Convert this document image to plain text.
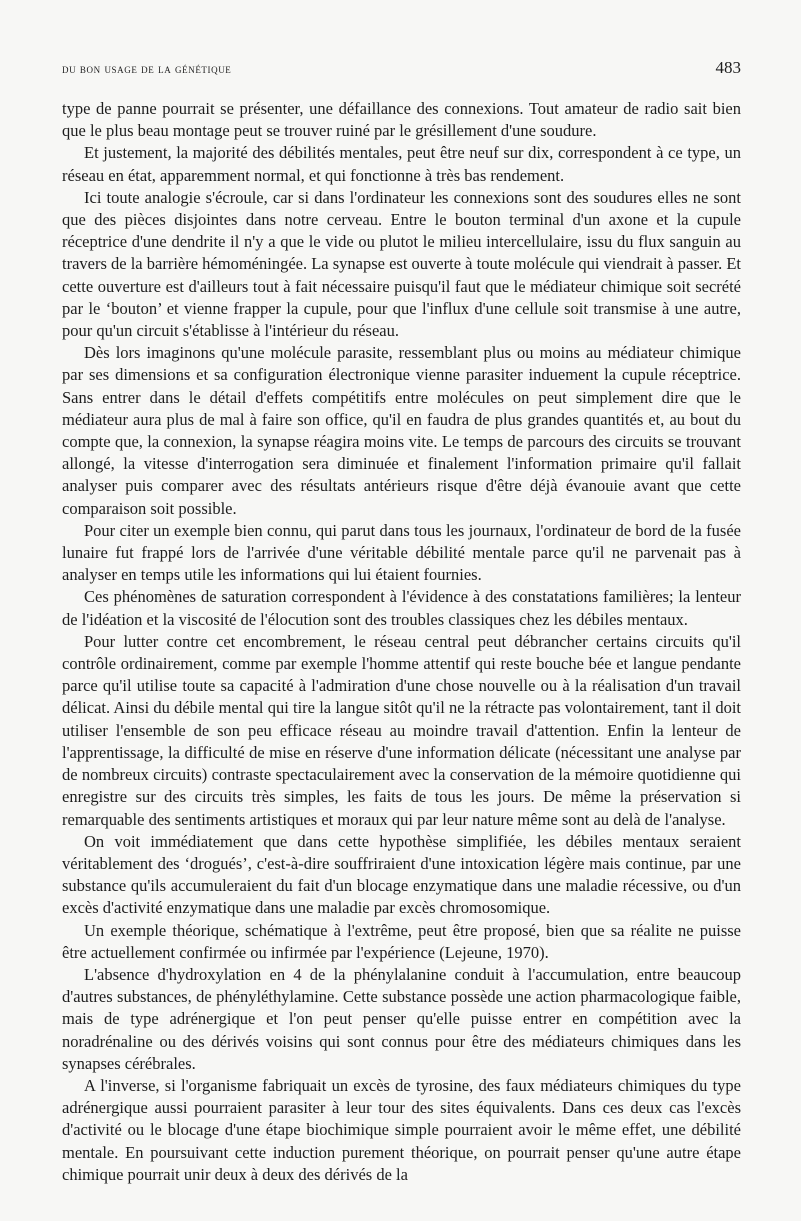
du bon usage de la génétique	483

type de panne pourrait se présenter, une défaillance des connexions. Tout amateur de radio sait bien que le plus beau montage peut se trouver ruiné par le grésillement d'une soudure.

Et justement, la majorité des débilités mentales, peut être neuf sur dix, correspondent à ce type, un réseau en état, apparemment normal, et qui fonctionne à très bas rendement.

Ici toute analogie s'écroule, car si dans l'ordinateur les connexions sont des soudures elles ne sont que des pièces disjointes dans notre cerveau. Entre le bouton terminal d'un axone et la cupule réceptrice d'une dendrite il n'y a que le vide ou plutot le milieu intercellulaire, issu du flux sanguin au travers de la barrière hémoméningée. La synapse est ouverte à toute molécule qui viendrait à passer. Et cette ouverture est d'ailleurs tout à fait nécessaire puisqu'il faut que le médiateur chimique soit secrété par le ‘bouton’ et vienne frapper la cupule, pour que l'influx d'une cellule soit transmise à une autre, pour qu'un circuit s'établisse à l'intérieur du réseau.

Dès lors imaginons qu'une molécule parasite, ressemblant plus ou moins au médiateur chimique par ses dimensions et sa configuration électronique vienne parasiter induement la cupule réceptrice. Sans entrer dans le détail d'effets compétitifs entre molécules on peut simplement dire que le médiateur aura plus de mal à faire son office, qu'il en faudra de plus grandes quantités et, au bout du compte que, la connexion, la synapse réagira moins vite. Le temps de parcours des circuits se trouvant allongé, la vitesse d'interrogation sera diminuée et finalement l'information primaire qu'il fallait analyser puis comparer avec des résultats antérieurs risque d'être déjà évanouie avant que cette comparaison soit possible.

Pour citer un exemple bien connu, qui parut dans tous les journaux, l'ordinateur de bord de la fusée lunaire fut frappé lors de l'arrivée d'une véritable débilité mentale parce qu'il ne parvenait pas à analyser en temps utile les informations qui lui étaient fournies.

Ces phénomènes de saturation correspondent à l'évidence à des constatations familières; la lenteur de l'idéation et la viscosité de l'élocution sont des troubles classiques chez les débiles mentaux.

Pour lutter contre cet encombrement, le réseau central peut débrancher certains circuits qu'il contrôle ordinairement, comme par exemple l'homme attentif qui reste bouche bée et langue pendante parce qu'il utilise toute sa capacité à l'admiration d'une chose nouvelle ou à la réalisation d'un travail délicat. Ainsi du débile mental qui tire la langue sitôt qu'il ne la rétracte pas volontairement, tant il doit utiliser l'ensemble de son peu efficace réseau au moindre travail d'attention. Enfin la lenteur de l'apprentissage, la difficulté de mise en réserve d'une information délicate (nécessitant une analyse par de nombreux circuits) contraste spectaculairement avec la conservation de la mémoire quotidienne qui enregistre sur des circuits très simples, les faits de tous les jours. De même la préservation si remarquable des sentiments artistiques et moraux qui par leur nature même sont au delà de l'analyse.

On voit immédiatement que dans cette hypothèse simplifiée, les débiles mentaux seraient véritablement des ‘drogués’, c'est-à-dire souffriraient d'une intoxication légère mais continue, par une substance qu'ils accumuleraient du fait d'un blocage enzymatique dans une maladie récessive, ou d'un excès d'activité enzymatique dans une maladie par excès chromosomique.

Un exemple théorique, schématique à l'extrême, peut être proposé, bien que sa réalite ne puisse être actuellement confirmée ou infirmée par l'expérience (Lejeune, 1970).

L'absence d'hydroxylation en 4 de la phénylalanine conduit à l'accumulation, entre beaucoup d'autres substances, de phényléthylamine. Cette substance possède une action pharmacologique faible, mais de type adrénergique et l'on peut penser qu'elle puisse entrer en compétition avec la noradrénaline ou des dérivés voisins qui sont connus pour être des médiateurs chimiques dans les synapses cérébrales.

A l'inverse, si l'organisme fabriquait un excès de tyrosine, des faux médiateurs chimiques du type adrénergique aussi pourraient parasiter à leur tour des sites équivalents. Dans ces deux cas l'excès d'activité ou le blocage d'une étape biochimique simple pourraient avoir le même effet, une débilité mentale. En poursuivant cette induction purement théorique, on pourrait penser qu'une autre étape chimique pourrait unir deux à deux des dérivés de la
